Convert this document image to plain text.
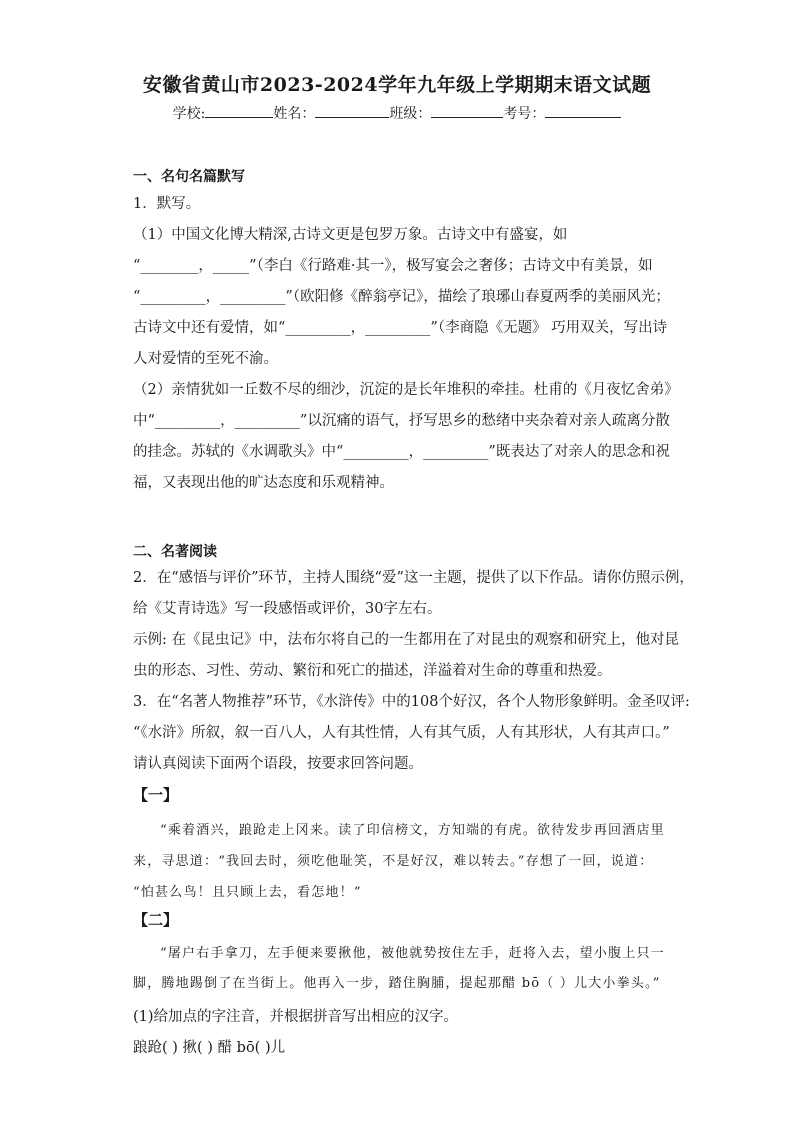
安徽省黄山市2023-2024学年九年级上学期期末语文试题
学校:	姓名：	班级：	考号：
一、名句名篇默写
1．默写。
（1）中国文化博大精深,古诗文更是包罗万象。古诗文中有盛宴，如
“________，_____”（李白《行路难·其一》，极写宴会之奢侈；古诗文中有美景，如
“_________，_________”（欧阳修《醉翁亭记》，描绘了琅琊山春夏两季的美丽风光；
古诗文中还有爱情，如“_________，_________”（李商隐《无题》 巧用双关，写出诗
人对爱情的至死不渝。
（2）亲情犹如一丘数不尽的细沙，沉淀的是长年堆积的牵挂。杜甫的《月夜忆舍弟》
中“_________，_________”以沉痛的语气，抒写思乡的愁绪中夹杂着对亲人疏离分散
的挂念。苏轼的《水调歌头》中“_________，_________”既表达了对亲人的思念和祝
福，又表现出他的旷达态度和乐观精神。
二、名著阅读
2．在“感悟与评价”环节，主持人围绕“爱”这一主题，提供了以下作品。请你仿照示例，
给《艾青诗选》写一段感悟或评价，30字左右。
示例: 在《昆虫记》中，法布尔将自己的一生都用在了对昆虫的观察和研究上，他对昆
虫的形态、习性、劳动、繁衍和死亡的描述，洋溢着对生命的尊重和热爱。
3．在“名著人物推荐”环节，《水浒传》中的108个好汉，各个人物形象鲜明。金圣叹评:
“《水浒》所叙，叙一百八人，人有其性情，人有其气质，人有其形状，人有其声口。”
请认真阅读下面两个语段，按要求回答问题。
【一】
“乘着酒兴，踉跄走上冈来。读了印信榜文，方知端的有虎。欲待发步再回酒店里
来，寻思道：“我回去时，须吃他耻笑，不是好汉，难以转去。”存想了一回，说道：
“怕甚么鸟！且只顾上去，看怎地！”
【二】
“屠户右手拿刀，左手便来要揪他，被他就势按住左手，赶将入去，望小腹上只一
脚，腾地踢倒了在当街上。他再入一步，踏住胸脯，提起那醋 bō（ ）儿大小拳头。”
(1)给加点的字注音，并根据拼音写出相应的汉字。
踉跄( ) 揪( ) 醋 bō( )儿
